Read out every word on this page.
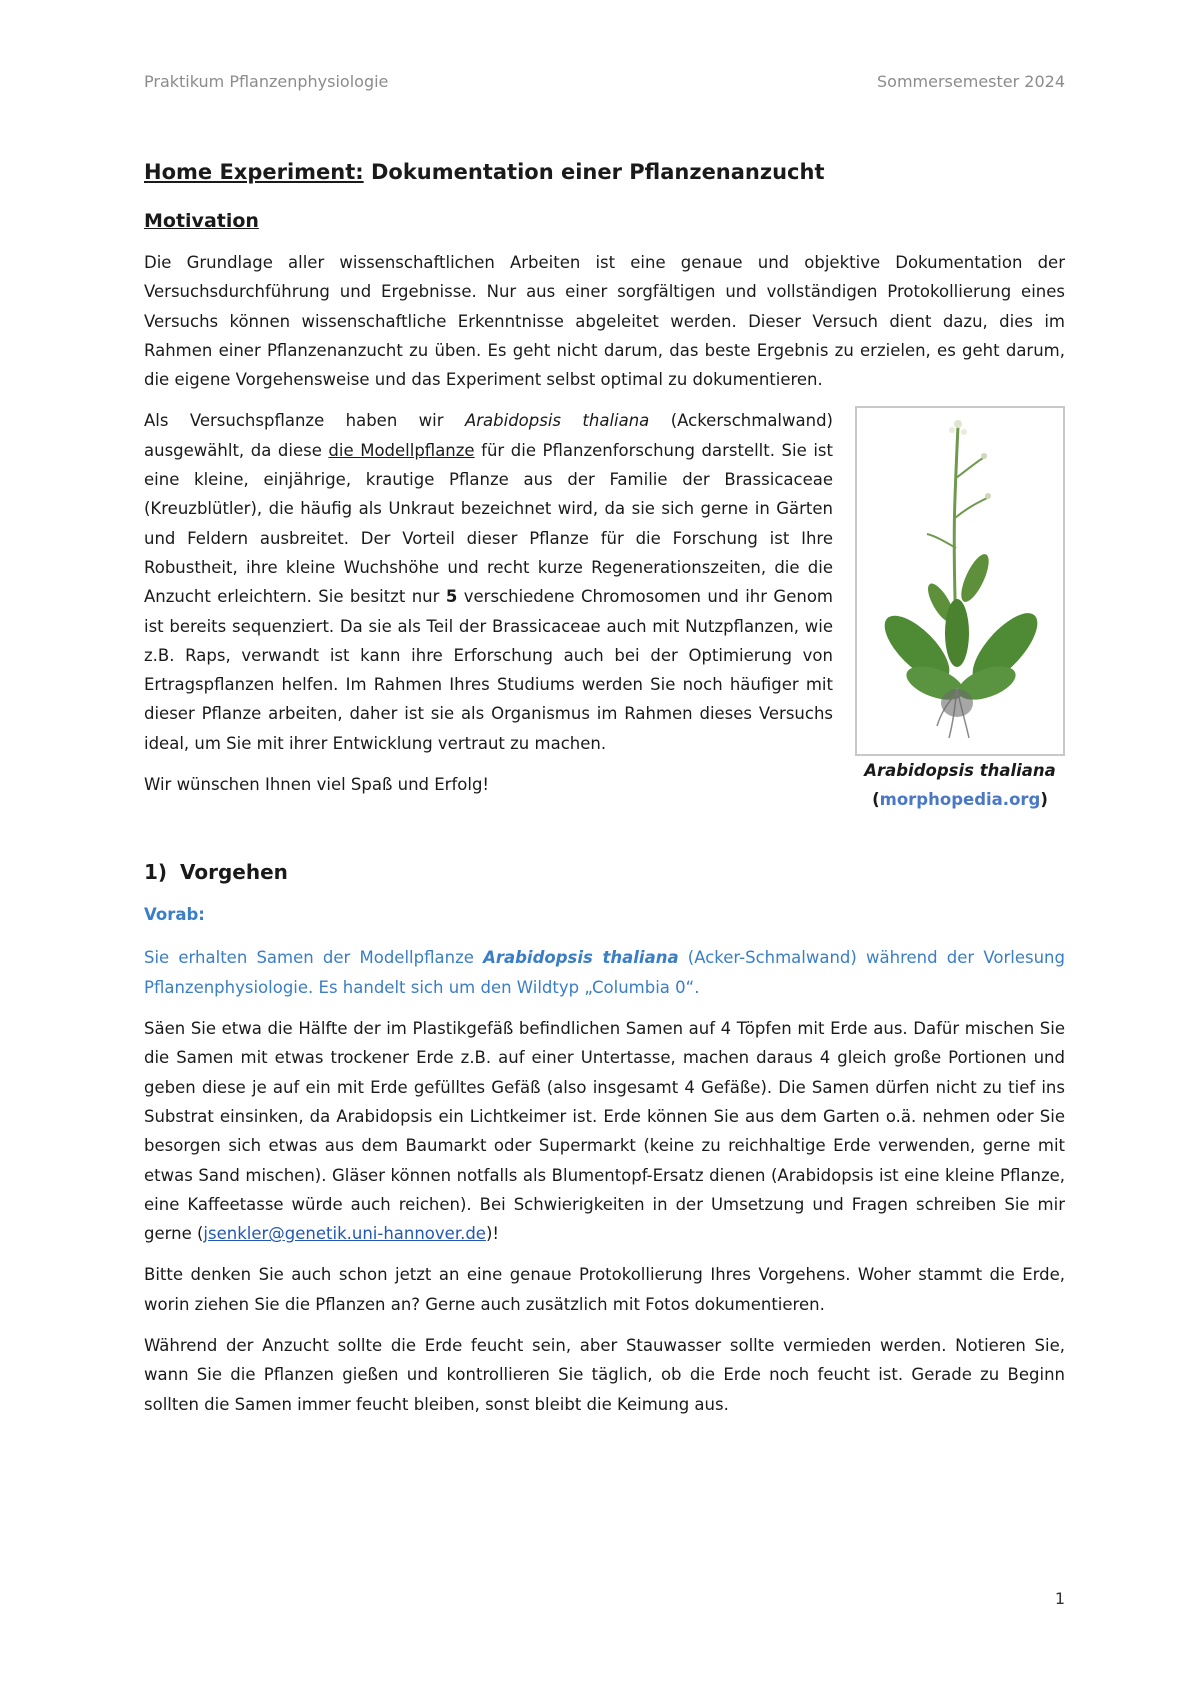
Praktikum Pflanzenphysiologie	Sommersemester 2024
Home Experiment: Dokumentation einer Pflanzenanzucht
Motivation

Die Grundlage aller wissenschaftlichen Arbeiten ist eine genaue und objektive Dokumentation der Versuchsdurchführung und Ergebnisse. Nur aus einer sorgfältigen und vollständigen Protokollierung eines Versuchs können wissenschaftliche Erkenntnisse abgeleitet werden. Dieser Versuch dient dazu, dies im Rahmen einer Pflanzenanzucht zu üben. Es geht nicht darum, das beste Ergebnis zu erzielen, es geht darum, die eigene Vorgehensweise und das Experiment selbst optimal zu dokumentieren.

Arabidopsis thaliana
(morphopedia.org)

Als Versuchspflanze haben wir Arabidopsis thaliana (Ackerschmalwand) ausgewählt, da diese die Modellpflanze für die Pflanzenforschung darstellt. Sie ist eine kleine, einjährige, krautige Pflanze aus der Familie der Brassicaceae (Kreuzblütler), die häufig als Unkraut bezeichnet wird, da sie sich gerne in Gärten und Feldern ausbreitet. Der Vorteil dieser Pflanze für die Forschung ist Ihre Robustheit, ihre kleine Wuchshöhe und recht kurze Regenerationszeiten, die die Anzucht erleichtern. Sie besitzt nur 5 verschiedene Chromosomen und ihr Genom ist bereits sequenziert. Da sie als Teil der Brassicaceae auch mit Nutzpflanzen, wie z.B. Raps, verwandt ist kann ihre Erforschung auch bei der Optimierung von Ertragspflanzen helfen. Im Rahmen Ihres Studiums werden Sie noch häufiger mit dieser Pflanze arbeiten, daher ist sie als Organismus im Rahmen dieses Versuchs ideal, um Sie mit ihrer Entwicklung vertraut zu machen.

Wir wünschen Ihnen viel Spaß und Erfolg!

1) Vorgehen
Vorab:

Sie erhalten Samen der Modellpflanze Arabidopsis thaliana (Acker-Schmalwand) während der Vorlesung Pflanzenphysiologie. Es handelt sich um den Wildtyp „Columbia 0“.

Säen Sie etwa die Hälfte der im Plastikgefäß befindlichen Samen auf 4 Töpfen mit Erde aus. Dafür mischen Sie die Samen mit etwas trockener Erde z.B. auf einer Untertasse, machen daraus 4 gleich große Portionen und geben diese je auf ein mit Erde gefülltes Gefäß (also insgesamt 4 Gefäße). Die Samen dürfen nicht zu tief ins Substrat einsinken, da Arabidopsis ein Lichtkeimer ist. Erde können Sie aus dem Garten o.ä. nehmen oder Sie besorgen sich etwas aus dem Baumarkt oder Supermarkt (keine zu reichhaltige Erde verwenden, gerne mit etwas Sand mischen). Gläser können notfalls als Blumentopf-Ersatz dienen (Arabidopsis ist eine kleine Pflanze, eine Kaffeetasse würde auch reichen). Bei Schwierigkeiten in der Umsetzung und Fragen schreiben Sie mir gerne (jsenkler@genetik.uni-hannover.de)!

Bitte denken Sie auch schon jetzt an eine genaue Protokollierung Ihres Vorgehens. Woher stammt die Erde, worin ziehen Sie die Pflanzen an? Gerne auch zusätzlich mit Fotos dokumentieren.

Während der Anzucht sollte die Erde feucht sein, aber Stauwasser sollte vermieden werden. Notieren Sie, wann Sie die Pflanzen gießen und kontrollieren Sie täglich, ob die Erde noch feucht ist. Gerade zu Beginn sollten die Samen immer feucht bleiben, sonst bleibt die Keimung aus.

1
